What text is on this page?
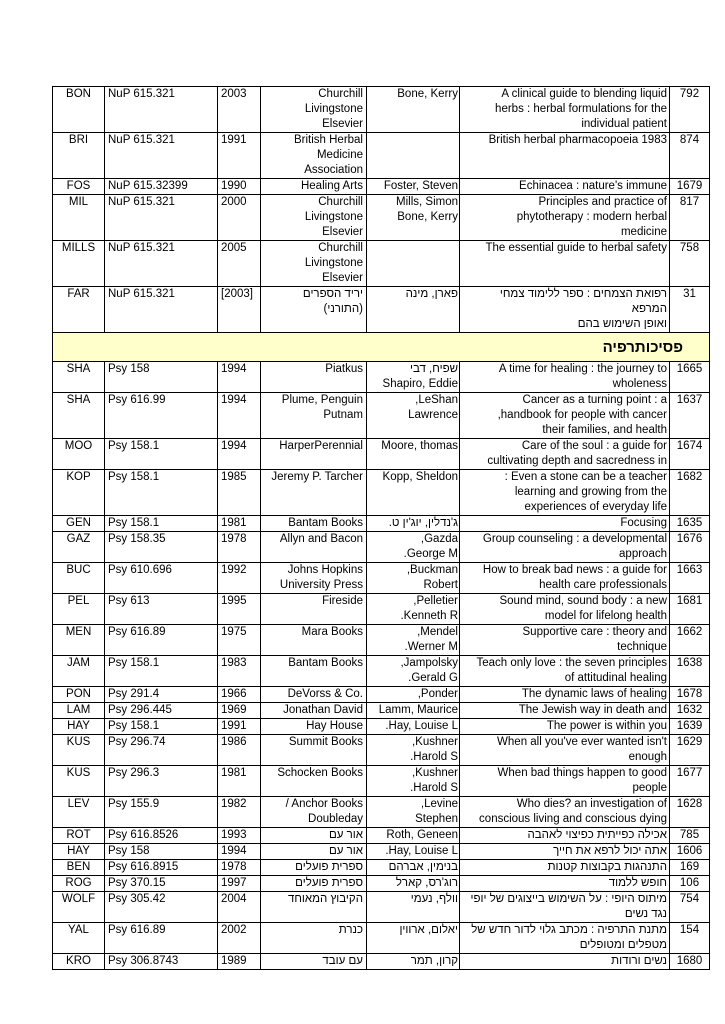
BON	NuP 615.321	2003	Churchill
Livingstone
Elsevier	Bone, Kerry	A clinical guide to blending liquid
herbs : herbal formulations for the
individual patient	792

BRI	NuP 615.321	1991	British Herbal
Medicine
Association		British herbal pharmacopoeia 1983	874

FOS	NuP 615.32399	1990	Healing Arts	Foster, Steven	Echinacea : nature's immune	1679

MIL	NuP 615.321	2000	Churchill
Livingstone
Elsevier	Mills, Simon
Bone, Kerry	Principles and practice of
phytotherapy : modern herbal
medicine	817

MILLS	NuP 615.321	2005	Churchill
Livingstone
Elsevier		The essential guide to herbal safety	758

FAR	NuP 615.321	[2003]	יריד הספרים (התורני)	פארן, מינה	רפואת הצמחים : ספר ללימוד צמחי המרפא
ואופן השימוש בהם	31

פסיכותרפיה						

SHA	Psy 158	1994	Piatkus	שפיח, דבי
Shapiro, Eddie	A time for healing : the journey to
wholeness	1665

SHA	Psy 616.99	1994	Plume, Penguin
Putnam	,LeShan
Lawrence	Cancer as a turning point : a
,handbook for people with cancer
their families, and health	1637

MOO	Psy 158.1	1994	HarperPerennial	Moore, thomas	Care of the soul : a guide for
cultivating depth and sacredness in	1674

KOP	Psy 158.1	1985	Jeremy P. Tarcher	Kopp, Sheldon	: Even a stone can be a teacher
learning and growing from the
experiences of everyday life	1682

GEN	Psy 158.1	1981	Bantam Books	ג'נדלין, יוג'ין ט.	Focusing	1635

GAZ	Psy 158.35	1978	Allyn and Bacon	,Gazda
.George M	Group counseling : a developmental
approach	1676

BUC	Psy 610.696	1992	Johns Hopkins
University Press	,Buckman
Robert	How to break bad news : a guide for
health care professionals	1663

PEL	Psy 613	1995	Fireside	,Pelletier
.Kenneth R	Sound mind, sound body : a new
model for lifelong health	1681

MEN	Psy 616.89	1975	Mara Books	,Mendel
.Werner M	Supportive care : theory and
technique	1662

JAM	Psy 158.1	1983	Bantam Books	,Jampolsky
.Gerald G	Teach only love : the seven principles
of attitudinal healing	1638

PON	Psy 291.4	1966	DeVorss & Co.	,Ponder	The dynamic laws of healing	1678

LAM	Psy 296.445	1969	Jonathan David	Lamm, Maurice	The Jewish way in death and	1632

HAY	Psy 158.1	1991	Hay House	.Hay, Louise L	The power is within you	1639

KUS	Psy 296.74	1986	Summit Books	,Kushner
.Harold S	When all you've ever wanted isn't
enough	1629

KUS	Psy 296.3	1981	Schocken Books	,Kushner
.Harold S	When bad things happen to good
people	1677

LEV	Psy 155.9	1982	/ Anchor Books
Doubleday	,Levine
Stephen	Who dies? an investigation of
conscious living and conscious dying	1628

ROT	Psy 616.8526	1993	אור עם	Roth, Geneen	אכילה כפייתית כפיצוי לאהבה	785

HAY	Psy 158	1994	אור עם	.Hay, Louise L	אתה יכול לרפא את חייך	1606

BEN	Psy 616.8915	1978	ספרית פועלים	בנימין, אברהם	התנהגות בקבוצות קטנות	169

ROG	Psy 370.15	1997	ספרית פועלים	רוג'רס, קארל	חופש ללמוד	106

WOLF	Psy 305.42	2004	הקיבוץ המאוחד	וולף, נעמי	מיתוס היופי : על השימוש בייצוגים של יופי
נגד נשים	754

YAL	Psy 616.89	2002	כנרת	יאלום, ארווין	מתנת התרפיה : מכתב גלוי לדור חדש של
מטפלים ומטופלים	154

KRO	Psy 306.8743	1989	עם עובד	קרון, תמר	נשים ורודות	1680
